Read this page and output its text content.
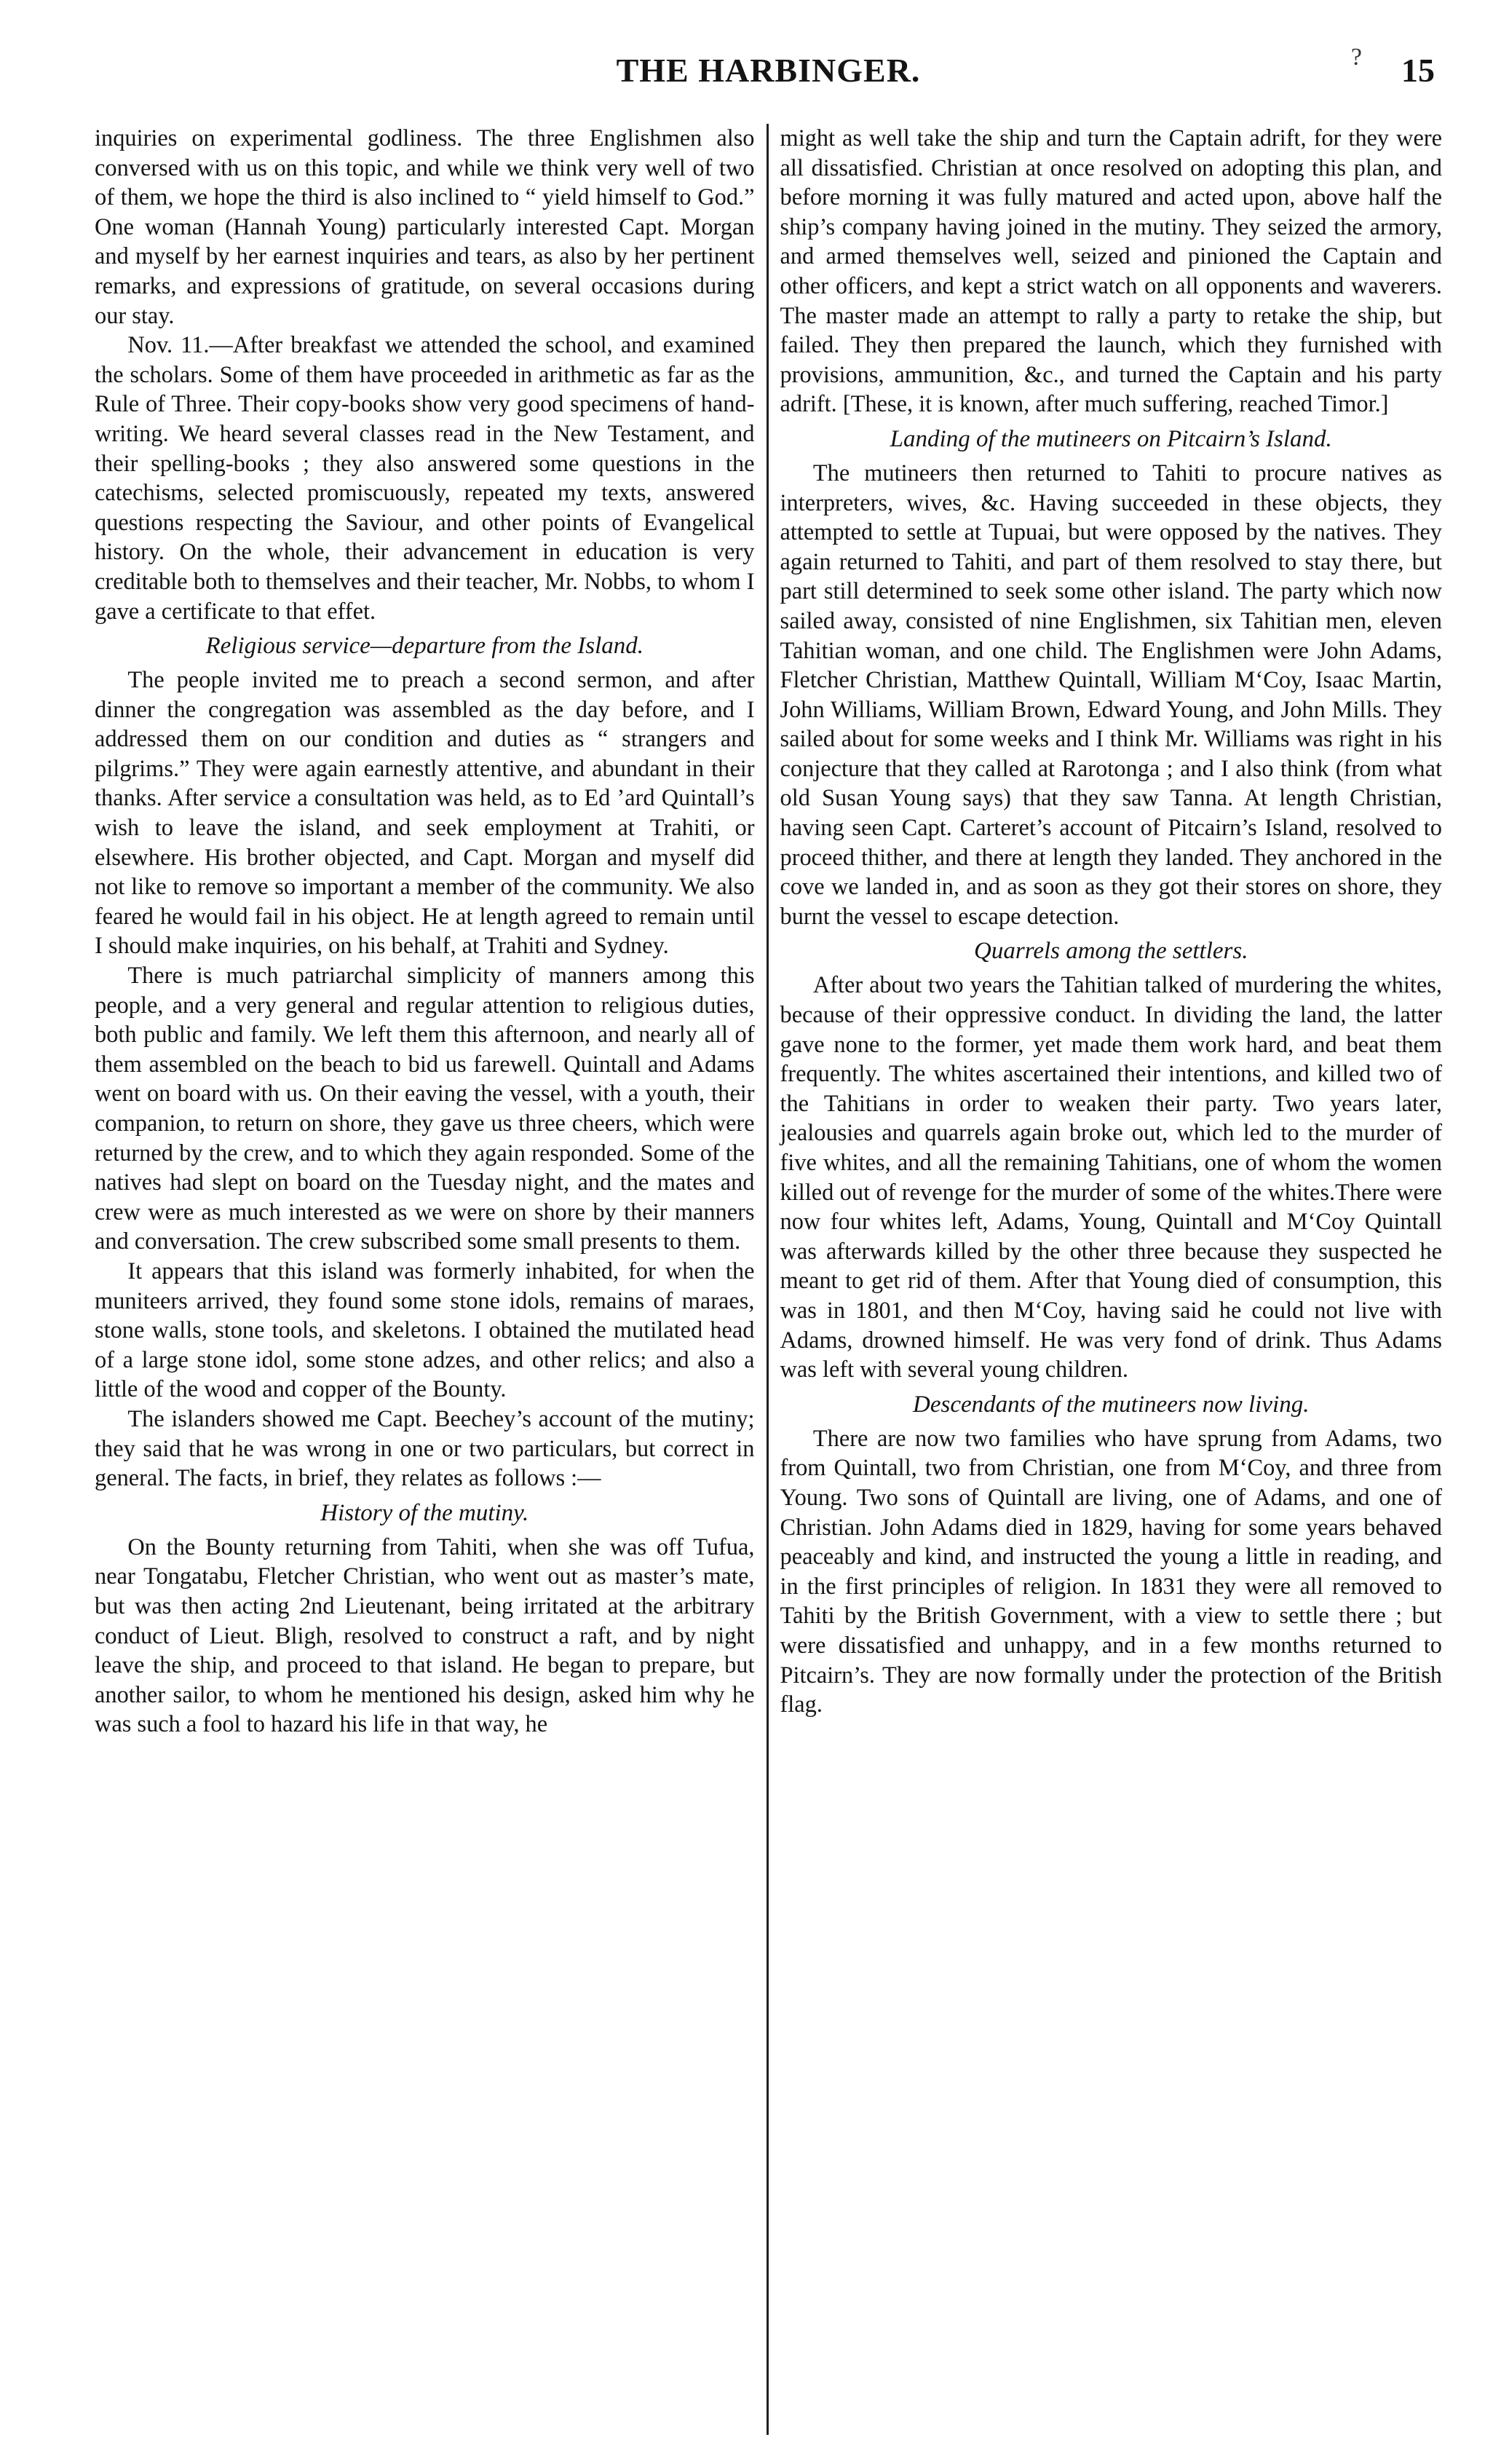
THE HARBINGER.	? 15

inquiries on experimental godliness. The three Englishmen also conversed with us on this topic, and while we think very well of two of them, we hope the third is also inclined to “ yield himself to God.” One woman (Hannah Young) particularly interested Capt. Morgan and myself by her earnest inquiries and tears, as also by her pertinent remarks, and expressions of gratitude, on several occasions during our stay.

Nov. 11.—After breakfast we attended the school, and examined the scholars. Some of them have proceeded in arithmetic as far as the Rule of Three. Their copy-books show very good specimens of hand-writing. We heard several classes read in the New Testament, and their spelling-books ; they also answered some questions in the catechisms, selected promiscuously, repeated my texts, answered questions respecting the Saviour, and other points of Evangelical history. On the whole, their advancement in education is very creditable both to themselves and their teacher, Mr. Nobbs, to whom I gave a certificate to that effet.

Religious service—departure from the Island.

The people invited me to preach a second sermon, and after dinner the congregation was assembled as the day before, and I addressed them on our condition and duties as “ strangers and pilgrims.” They were again earnestly attentive, and abundant in their thanks. After service a consultation was held, as to Ed ’ard Quintall’s wish to leave the island, and seek employment at Trahiti, or elsewhere. His brother objected, and Capt. Morgan and myself did not like to remove so important a member of the community. We also feared he would fail in his object. He at length agreed to remain until I should make inquiries, on his behalf, at Trahiti and Sydney.

There is much patriarchal simplicity of manners among this people, and a very general and regular attention to religious duties, both public and family. We left them this afternoon, and nearly all of them assembled on the beach to bid us farewell. Quintall and Adams went on board with us. On their eaving the vessel, with a youth, their companion, to return on shore, they gave us three cheers, which were returned by the crew, and to which they again responded. Some of the natives had slept on board on the Tuesday night, and the mates and crew were as much interested as we were on shore by their manners and conversation. The crew subscribed some small presents to them.

It appears that this island was formerly inhabited, for when the muniteers arrived, they found some stone idols, remains of maraes, stone walls, stone tools, and skeletons. I obtained the mutilated head of a large stone idol, some stone adzes, and other relics; and also a little of the wood and copper of the Bounty.

The islanders showed me Capt. Beechey’s account of the mutiny; they said that he was wrong in one or two particulars, but correct in general. The facts, in brief, they relates as follows :—

History of the mutiny.

On the Bounty returning from Tahiti, when she was off Tufua, near Tongatabu, Fletcher Christian, who went out as master’s mate, but was then acting 2nd Lieutenant, being irritated at the arbitrary conduct of Lieut. Bligh, resolved to construct a raft, and by night leave the ship, and proceed to that island. He began to prepare, but another sailor, to whom he mentioned his design, asked him why he was such a fool to hazard his life in that way, he

might as well take the ship and turn the Captain adrift, for they were all dissatisfied. Christian at once resolved on adopting this plan, and before morning it was fully matured and acted upon, above half the ship’s company having joined in the mutiny. They seized the armory, and armed themselves well, seized and pinioned the Captain and other officers, and kept a strict watch on all opponents and waverers. The master made an attempt to rally a party to retake the ship, but failed. They then prepared the launch, which they furnished with provisions, ammunition, &c., and turned the Captain and his party adrift. [These, it is known, after much suffering, reached Timor.]

Landing of the mutineers on Pitcairn’s Island.

The mutineers then returned to Tahiti to procure natives as interpreters, wives, &c. Having succeeded in these objects, they attempted to settle at Tupuai, but were opposed by the natives. They again returned to Tahiti, and part of them resolved to stay there, but part still determined to seek some other island. The party which now sailed away, consisted of nine Englishmen, six Tahitian men, eleven Tahitian woman, and one child. The Englishmen were John Adams, Fletcher Christian, Matthew Quintall, William M‘Coy, Isaac Martin, John Williams, William Brown, Edward Young, and John Mills. They sailed about for some weeks and I think Mr. Williams was right in his conjecture that they called at Rarotonga ; and I also think (from what old Susan Young says) that they saw Tanna. At length Christian, having seen Capt. Carteret’s account of Pitcairn’s Island, resolved to proceed thither, and there at length they landed. They anchored in the cove we landed in, and as soon as they got their stores on shore, they burnt the vessel to escape detection.

Quarrels among the settlers.

After about two years the Tahitian talked of murdering the whites, because of their oppressive conduct. In dividing the land, the latter gave none to the former, yet made them work hard, and beat them frequently. The whites ascertained their intentions, and killed two of the Tahitians in order to weaken their party. Two years later, jealousies and quarrels again broke out, which led to the murder of five whites, and all the remaining Tahitians, one of whom the women killed out of revenge for the murder of some of the whites.There were now four whites left, Adams, Young, Quintall and M‘Coy Quintall was afterwards killed by the other three because they suspected he meant to get rid of them. After that Young died of consumption, this was in 1801, and then M‘Coy, having said he could not live with Adams, drowned himself. He was very fond of drink. Thus Adams was left with several young children.

Descendants of the mutineers now living.

There are now two families who have sprung from Adams, two from Quintall, two from Christian, one from M‘Coy, and three from Young. Two sons of Quintall are living, one of Adams, and one of Christian. John Adams died in 1829, having for some years behaved peaceably and kind, and instructed the young a little in reading, and in the first principles of religion. In 1831 they were all removed to Tahiti by the British Government, with a view to settle there ; but were dissatisfied and unhappy, and in a few months returned to Pitcairn’s. They are now formally under the protection of the British flag.
